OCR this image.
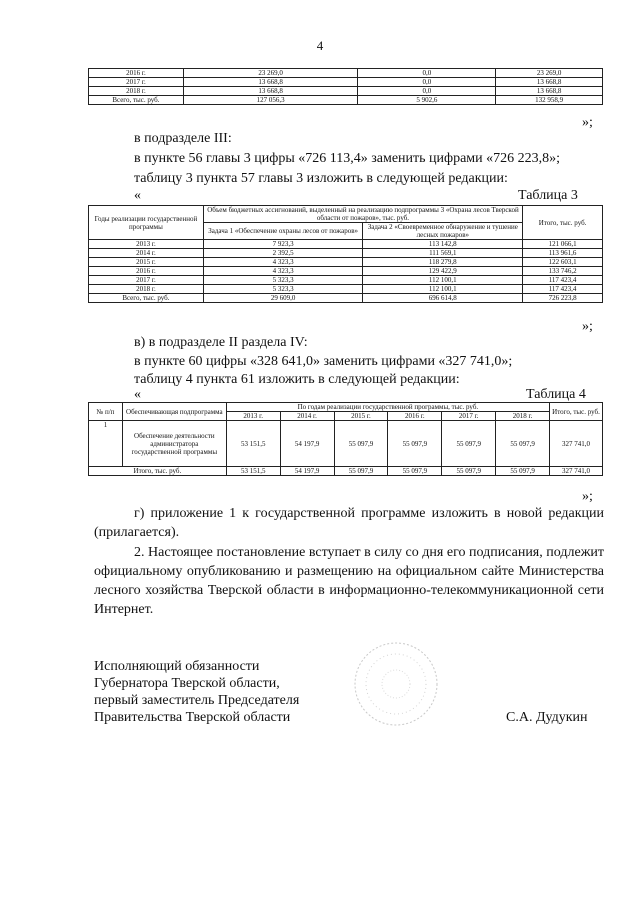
4
2016 г.	23 269,0	0,0	23 269,0
2017 г.	13 668,8	0,0	13 668,8
2018 г.	13 668,8	0,0	13 668,8
Всего, тыс. руб.	127 056,3	5 902,6	132 958,9
»;
в подразделе III:
в пункте 56 главы 3 цифры «726 113,4» заменить цифрами «726 223,8»;
таблицу 3 пункта 57 главы 3 изложить в следующей редакции:
«	Таблица 3
Годы реализации государственной программы	Объем бюджетных ассигнований, выделенный на реализацию подпрограммы 3 «Охрана лесов Тверской области от пожаров», тыс. руб.		Итого, тыс. руб.
	Задача 1 «Обеспечение охраны лесов от пожаров»	Задача 2 «Своевременное обнаружение и тушение лесных пожаров»	
2013 г.	7 923,3	113 142,8	121 066,1
2014 г.	2 392,5	111 569,1	113 961,6
2015 г.	4 323,3	118 279,8	122 603,1
2016 г.	4 323,3	129 422,9	133 746,2
2017 г.	5 323,3	112 100,1	117 423,4
2018 г.	5 323,3	112 100,1	117 423,4
Всего, тыс. руб.	29 609,0	696 614,8	726 223,8
»;
в) в подразделе II раздела IV:
в пункте 60 цифры «328 641,0» заменить цифрами «327 741,0»;
таблицу 4 пункта 61 изложить в следующей редакции:
«	Таблица 4
№ п/п	Обеспечивающая подпрограмма	По годам реализации государственной программы, тыс. руб.						Итого, тыс. руб.
		2013 г.	2014 г.	2015 г.	2016 г.	2017 г.	2018 г.	
1	Обеспечение деятельности администратора государственной программы	53 151,5	54 197,9	55 097,9	55 097,9	55 097,9	55 097,9	327 741,0
Итого, тыс. руб.		53 151,5	54 197,9	55 097,9	55 097,9	55 097,9	55 097,9	327 741,0
»;
г) приложение 1 к государственной программе изложить в новой редакции (прилагается).
2. Настоящее постановление вступает в силу со дня его подписания, подлежит официальному опубликованию и размещению на официальном сайте Министерства лесного хозяйства Тверской области в информационно-телекоммуникационной сети Интернет.
Исполняющий обязанности
Губернатора Тверской области,
первый заместитель Председателя
Правительства Тверской области	С.А. Дудукин
